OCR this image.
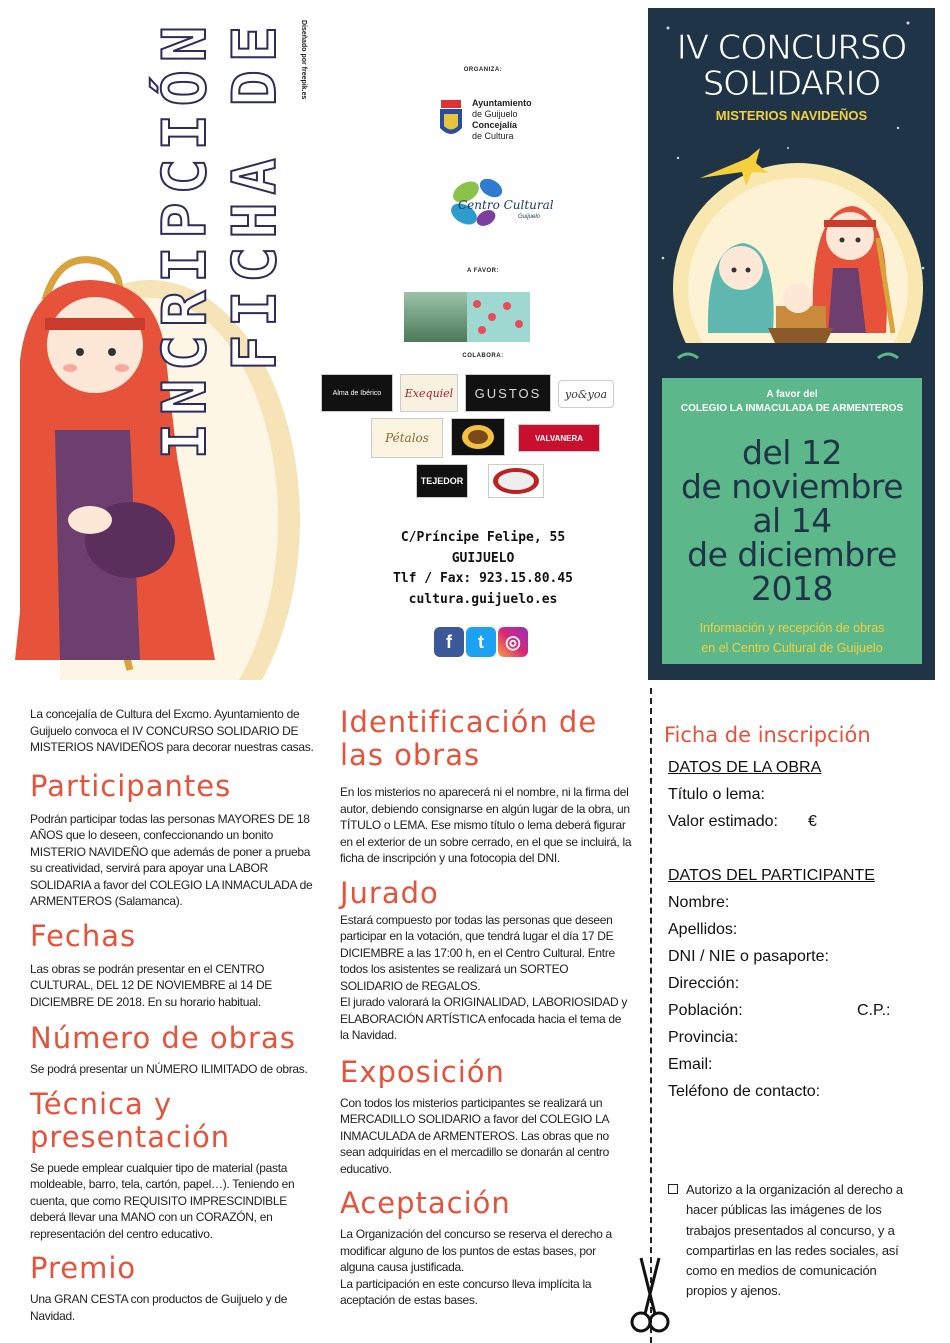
FICHA DE
INCRIPCIÓN	Diseñado por freepik.es	ORGANIZA:
Ayuntamiento
de Guijuelo
Concejalía
de Cultura
Centro Cultural
Guijuelo
A FAVOR:
COLABORA:
Alma de Ibérico	Exequiel	GUSTOS	yo&yoa
Pétalos	VALVANERA
TEJEDOR
C/Príncipe Felipe, 55
GUIJUELO
Tlf / Fax: 923.15.80.45
cultura.guijuelo.es
f	t	◎
IV CONCURSO
SOLIDARIO
MISTERIOS NAVIDEÑOS
A favor del
COLEGIO LA INMACULADA DE ARMENTEROS
del 12
de noviembre
al 14
de diciembre
2018
Información y recepción de obras
en el Centro Cultural de Guijuelo

La concejalía de Cultura del Excmo. Ayuntamiento de Guijuelo convoca el IV CONCURSO SOLIDARIO DE MISTERIOS NAVIDEÑOS para decorar nuestras casas.

Participantes

Podrán participar todas las personas MAYORES DE 18 AÑOS que lo deseen, confeccionando un bonito MISTERIO NAVIDEÑO que además de poner a prueba su creatividad, servirá para apoyar una LABOR SOLIDARIA a favor del COLEGIO LA INMACULADA de ARMENTEROS (Salamanca).

Fechas

Las obras se podrán presentar en el CENTRO CULTURAL, DEL 12 DE NOVIEMBRE al 14 DE DICIEMBRE DE 2018. En su horario habitual.

Número de obras

Se podrá presentar un NÚMERO ILIMITADO de obras.

Técnica y presentación

Se puede emplear cualquier tipo de material (pasta moldeable, barro, tela, cartón, papel…). Teniendo en cuenta, que como REQUISITO IMPRESCINDIBLE deberá llevar una MANO con un CORAZÓN, en representación del centro educativo.

Premio

Una GRAN CESTA con productos de Guijuelo y de Navidad.

Identificación de las obras

En los misterios no aparecerá ni el nombre, ni la firma del autor, debiendo consignarse en algún lugar de la obra, un TÍTULO o LEMA. Ese mismo título o lema deberá figurar en el exterior de un sobre cerrado, en el que se incluirá, la ficha de inscripción y una fotocopia del DNI.

Jurado

Estará compuesto por todas las personas que deseen participar en la votación, que tendrá lugar el día 17 DE DICIEMBRE a las 17:00 h, en el Centro Cultural. Entre todos los asistentes se realizará un SORTEO SOLIDARIO de REGALOS.

El jurado valorará la ORIGINALIDAD, LABORIOSIDAD y ELABORACIÓN ARTÍSTICA enfocada hacia el tema de la Navidad.

Exposición

Con todos los misterios participantes se realizará un MERCADILLO SOLIDARIO a favor del COLEGIO LA INMACULADA de ARMENTEROS. Las obras que no sean adquiridas en el mercadillo se donarán al centro educativo.

Aceptación

La Organización del concurso se reserva el derecho a modificar alguno de los puntos de estas bases, por alguna causa justificada.

La participación en este concurso lleva implícita la aceptación de estas bases.

Ficha de inscripción
DATOS DE LA OBRA
Título o lema:
Valor estimado: €
DATOS DEL PARTICIPANTE
Nombre:
Apellidos:
DNI / NIE o pasaporte:
Dirección:
Población:	C.P.:
Provincia:
Email:
Teléfono de contacto:
Autorizo a la organización al derecho a hacer públicas las imágenes de los trabajos presentados al concurso, y a compartirlas en las redes sociales, así como en medios de comunicación propios y ajenos.
